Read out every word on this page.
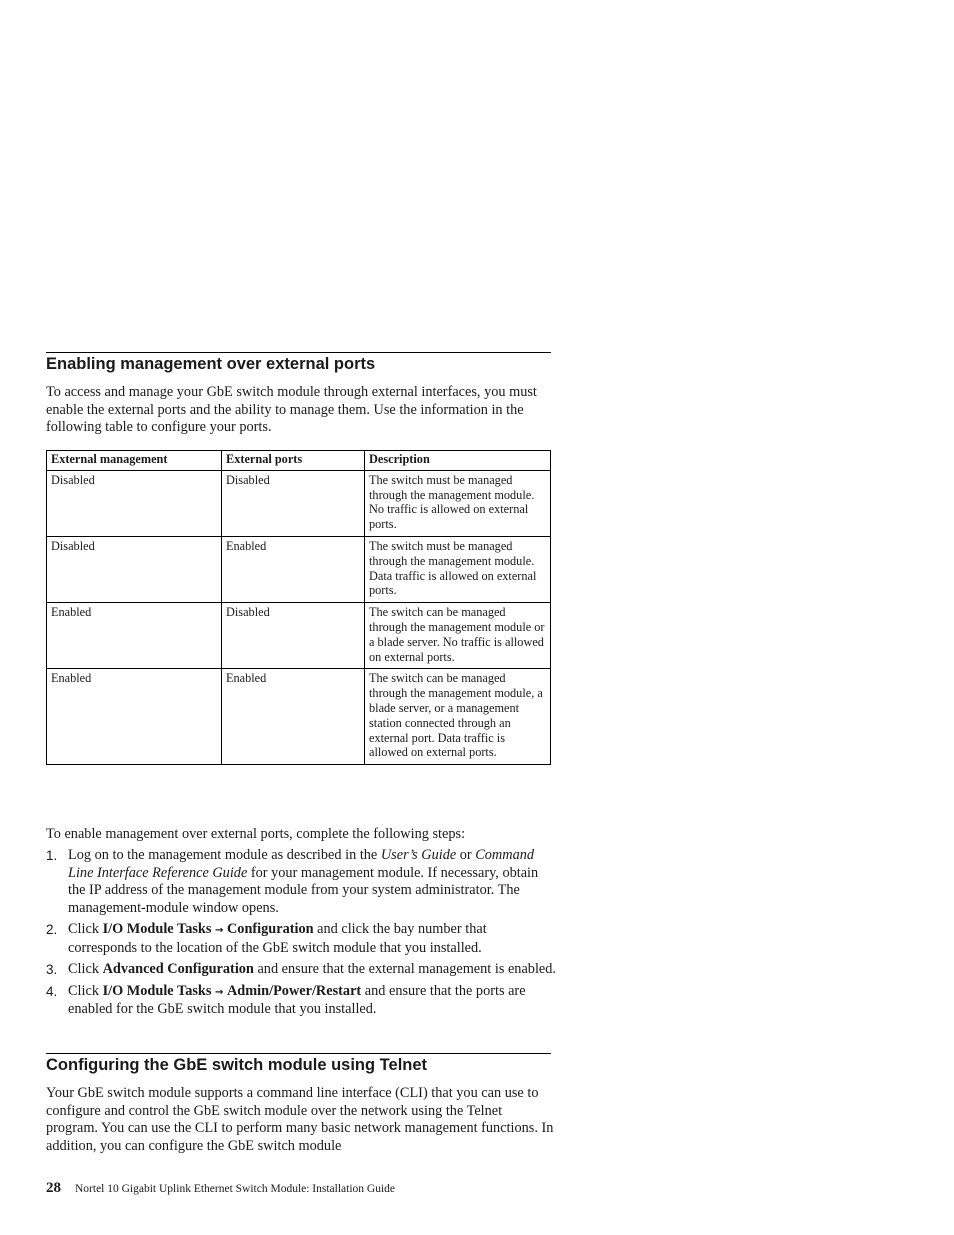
Enabling management over external ports

To access and manage your GbE switch module through external interfaces, you must enable the external ports and the ability to manage them. Use the information in the following table to configure your ports.

External management	External ports	Description
Disabled	Disabled	The switch must be managed through the management module. No traffic is allowed on external ports.
Disabled	Enabled	The switch must be managed through the management module. Data traffic is allowed on external ports.
Enabled	Disabled	The switch can be managed through the management module or a blade server. No traffic is allowed on external ports.
Enabled	Enabled	The switch can be managed through the management module, a blade server, or a management station connected through an external port. Data traffic is allowed on external ports.

To enable management over external ports, complete the following steps:

1. Log on to the management module as described in the User’s Guide or Command Line Interface Reference Guide for your management module. If necessary, obtain the IP address of the management module from your system administrator. The management-module window opens.
2. Click I/O Module Tasks → Configuration and click the bay number that corresponds to the location of the GbE switch module that you installed.
3. Click Advanced Configuration and ensure that the external management is enabled.
4. Click I/O Module Tasks → Admin/Power/Restart and ensure that the ports are enabled for the GbE switch module that you installed.
Configuring the GbE switch module using Telnet

Your GbE switch module supports a command line interface (CLI) that you can use to configure and control the GbE switch module over the network using the Telnet program. You can use the CLI to perform many basic network management functions. In addition, you can configure the GbE switch module

28 Nortel 10 Gigabit Uplink Ethernet Switch Module: Installation Guide
